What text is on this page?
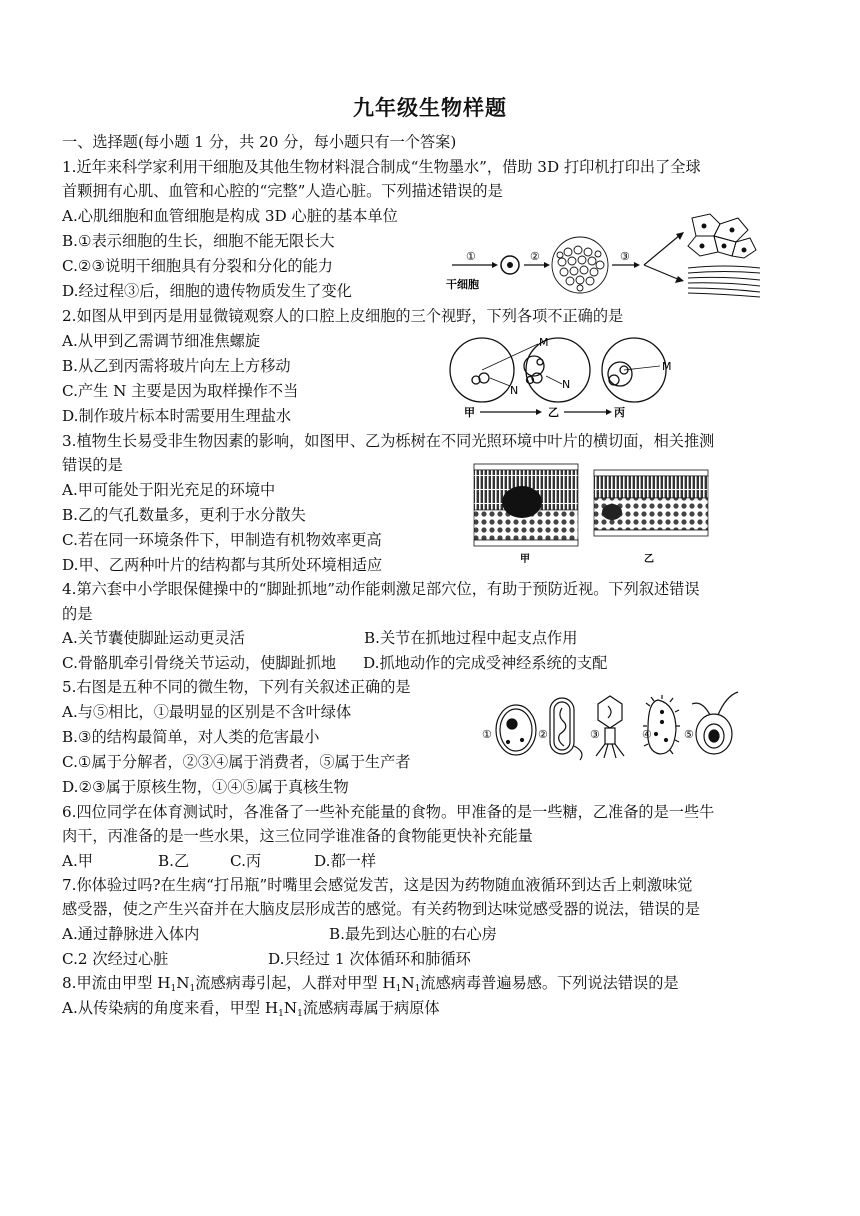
九年级生物样题
一、选择题(每小题 1 分，共 20 分，每小题只有一个答案)
1.近年来科学家利用干细胞及其他生物材料混合制成“生物墨水”，借助 3D 打印机打印出了全球
首颗拥有心肌、血管和心腔的“完整”人造心脏。下列描述错误的是
A.心肌细胞和血管细胞是构成 3D 心脏的基本单位
B.①表示细胞的生长，细胞不能无限长大
C.②③说明干细胞具有分裂和分化的能力
D.经过程③后，细胞的遗传物质发生了变化
①
干细胞
②	③
2.如图从甲到丙是用显微镜观察人的口腔上皮细胞的三个视野，下列各项不正确的是
A.从甲到乙需调节细准焦螺旋
B.从乙到丙需将玻片向左上方移动
C.产生 N 主要是因为取样操作不当
D.制作玻片标本时需要用生理盐水
M
N	N
M
甲	乙	丙
3.植物生长易受非生物因素的影响，如图甲、乙为栎树在不同光照环境中叶片的横切面，相关推测
错误的是
A.甲可能处于阳光充足的环境中
B.乙的气孔数量多，更利于水分散失
C.若在同一环境条件下，甲制造有机物效率更高
D.甲、乙两种叶片的结构都与其所处环境相适应	甲	乙
4.第六套中小学眼保健操中的“脚趾抓地”动作能刺激足部穴位，有助于预防近视。下列叙述错误
的是
A.关节囊使脚趾运动更灵活	B.关节在抓地过程中起支点作用
C.骨骼肌牵引骨绕关节运动，使脚趾抓地 D.抓地动作的完成受神经系统的支配
5.右图是五种不同的微生物，下列有关叙述正确的是
A.与⑤相比，①最明显的区别是不含叶绿体
B.③的结构最简单，对人类的危害最小
C.①属于分解者，②③④属于消费者，⑤属于生产者
D.②③属于原核生物，①④⑤属于真核生物
①	②	③	④	⑤
6.四位同学在体育测试时，各准备了一些补充能量的食物。甲准备的是一些糖，乙准备的是一些牛
肉干，丙准备的是一些水果，这三位同学谁准备的食物能更快补充能量
A.甲	B.乙	C.丙	D.都一样
7.你体验过吗?在生病“打吊瓶”时嘴里会感觉发苦，这是因为药物随血液循环到达舌上刺激味觉
感受器，使之产生兴奋并在大脑皮层形成苦的感觉。有关药物到达味觉感受器的说法，错误的是
A.通过静脉进入体内	B.最先到达心脏的右心房
C.2 次经过心脏	D.只经过 1 次体循环和肺循环
8.甲流由甲型 $H_1N_1$流感病毒引起，人群对甲型 $H_1N_1$流感病毒普遍易感。下列说法错误的是
A.从传染病的角度来看，甲型 $H_1N_1$流感病毒属于病原体
